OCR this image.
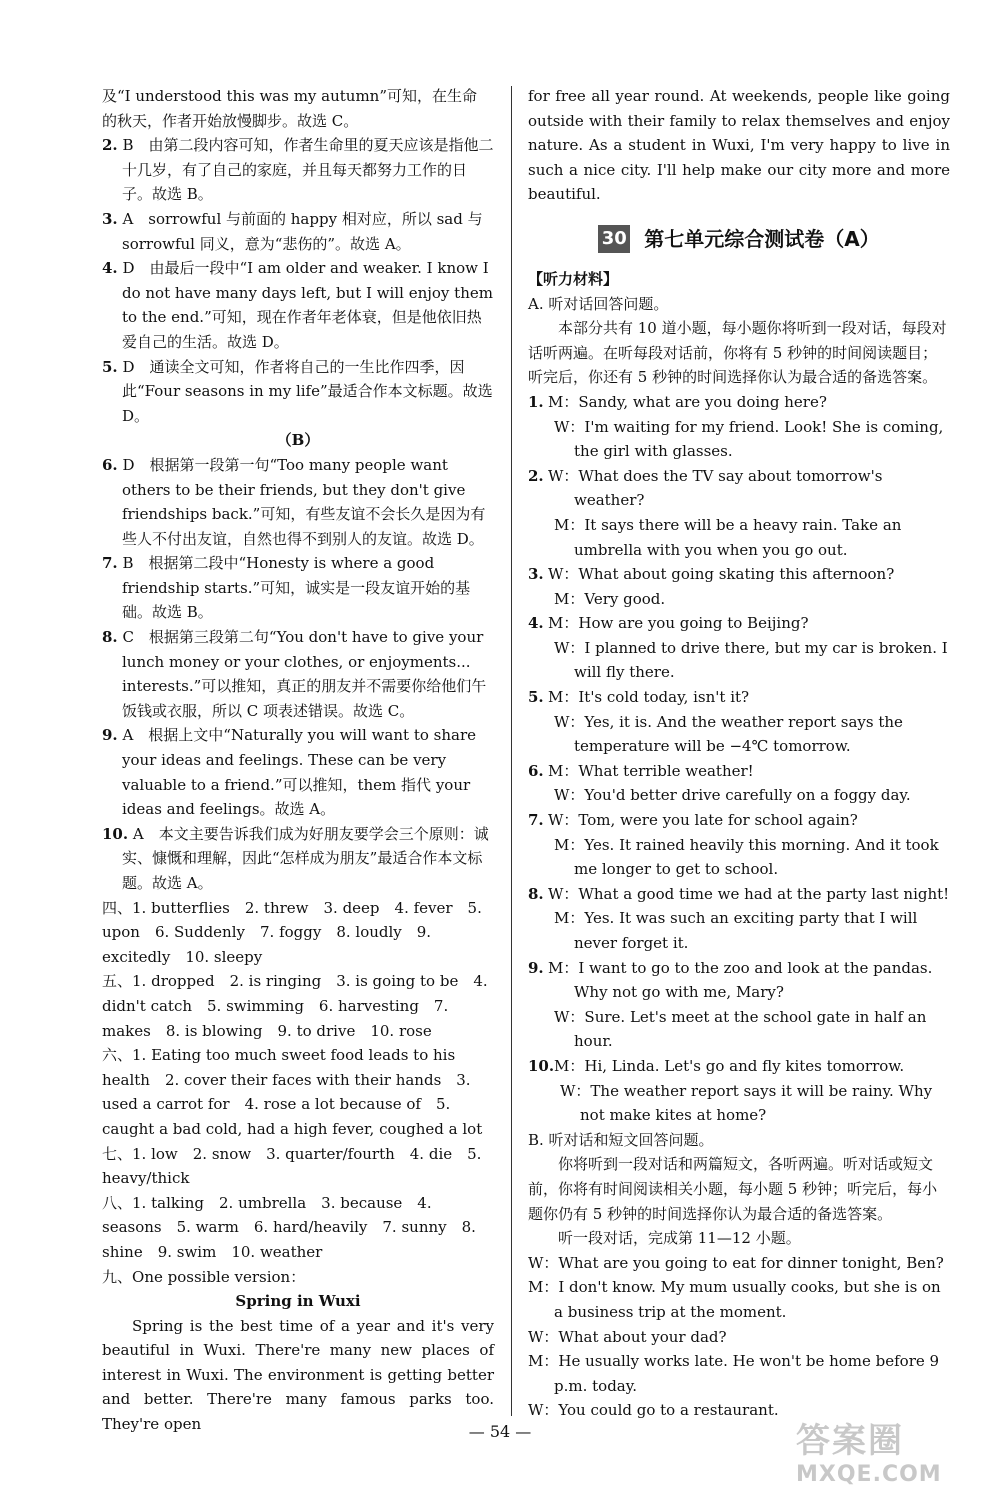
及“I understood this was my autumn”可知，在生命

的秋天，作者开始放慢脚步。故选 C。

2. B　由第二段内容可知，作者生命里的夏天应该是指他二十几岁，有了自己的家庭，并且每天都努力工作的日子。故选 B。

3. A　sorrowful 与前面的 happy 相对应，所以 sad 与 sorrowful 同义，意为“悲伤的”。故选 A。

4. D　由最后一段中“I am older and weaker. I know I do not have many days left, but I will enjoy them to the end.”可知，现在作者年老体衰，但是他依旧热爱自己的生活。故选 D。

5. D　通读全文可知，作者将自己的一生比作四季，因此“Four seasons in my life”最适合作本文标题。故选 D。

（B）

6. D　根据第一段第一句“Too many people want others to be their friends, but they don't give friendships back.”可知，有些友谊不会长久是因为有些人不付出友谊，自然也得不到别人的友谊。故选 D。

7. B　根据第二段中“Honesty is where a good friendship starts.”可知，诚实是一段友谊开始的基础。故选 B。

8. C　根据第三段第二句“You don't have to give your lunch money or your clothes, or enjoyments... interests.”可以推知，真正的朋友并不需要你给他们午饭钱或衣服，所以 C 项表述错误。故选 C。

9. A　根据上文中“Naturally you will want to share your ideas and feelings. These can be very valuable to a friend.”可以推知，them 指代 your ideas and feelings。故选 A。

10. A　本文主要告诉我们成为好朋友要学会三个原则：诚实、慷慨和理解，因此“怎样成为朋友”最适合作本文标题。故选 A。

四、1. butterflies　2. threw　3. deep　4. fever　5. upon　6. Suddenly　7. foggy　8. loudly　9. excitedly　10. sleepy

五、1. dropped　2. is ringing　3. is going to be　4. didn't catch　5. swimming　6. harvesting　7. makes　8. is blowing　9. to drive　10. rose

六、1. Eating too much sweet food leads to his health　2. cover their faces with their hands　3. used a carrot for　4. rose a lot because of　5. caught a bad cold, had a high fever, coughed a lot

七、1. low　2. snow　3. quarter/fourth　4. die　5. heavy/thick

八、1. talking　2. umbrella　3. because　4. seasons　5. warm　6. hard/heavily　7. sunny　8. shine　9. swim　10. weather

九、One possible version：

Spring in Wuxi

Spring is the best time of a year and it's very beautiful in Wuxi. There're many new places of interest in Wuxi. The environment is getting better and better. There're many famous parks too. They're open

for free all year round. At weekends, people like going outside with their family to relax themselves and enjoy nature. As a student in Wuxi, I'm very happy to live in such a nice city. I'll help make our city more and more beautiful.

30 第七单元综合测试卷（A）

【听力材料】

A. 听对话回答问题。

本部分共有 10 道小题，每小题你将听到一段对话，每段对话听两遍。在听每段对话前，你将有 5 秒钟的时间阅读题目；听完后，你还有 5 秒钟的时间选择你认为最合适的备选答案。

1. M：Sandy, what are you doing here?

W：I'm waiting for my friend. Look! She is coming, the girl with glasses.

2. W：What does the TV say about tomorrow's weather?

M：It says there will be a heavy rain. Take an umbrella with you when you go out.

3. W：What about going skating this afternoon?

M：Very good.

4. M：How are you going to Beijing?

W：I planned to drive there, but my car is broken. I will fly there.

5. M：It's cold today, isn't it?

W：Yes, it is. And the weather report says the temperature will be −4℃ tomorrow.

6. M：What terrible weather!

W：You'd better drive carefully on a foggy day.

7. W：Tom, were you late for school again?

M：Yes. It rained heavily this morning. And it took me longer to get to school.

8. W：What a good time we had at the party last night!

M：Yes. It was such an exciting party that I will never forget it.

9. M：I want to go to the zoo and look at the pandas. Why not go with me, Mary?

W：Sure. Let's meet at the school gate in half an hour.

10.M：Hi, Linda. Let's go and fly kites tomorrow.

W：The weather report says it will be rainy. Why not make kites at home?

B. 听对话和短文回答问题。

你将听到一段对话和两篇短文，各听两遍。听对话或短文前，你将有时间阅读相关小题，每小题 5 秒钟；听完后，每小题你仍有 5 秒钟的时间选择你认为最合适的备选答案。

听一段对话，完成第 11—12 小题。

W：What are you going to eat for dinner tonight, Ben?

M：I don't know. My mum usually cooks, but she is on a business trip at the moment.

W：What about your dad?

M：He usually works late. He won't be home before 9 p.m. today.

W：You could go to a restaurant.

— 54 —	答案圈
MXQE.COM
